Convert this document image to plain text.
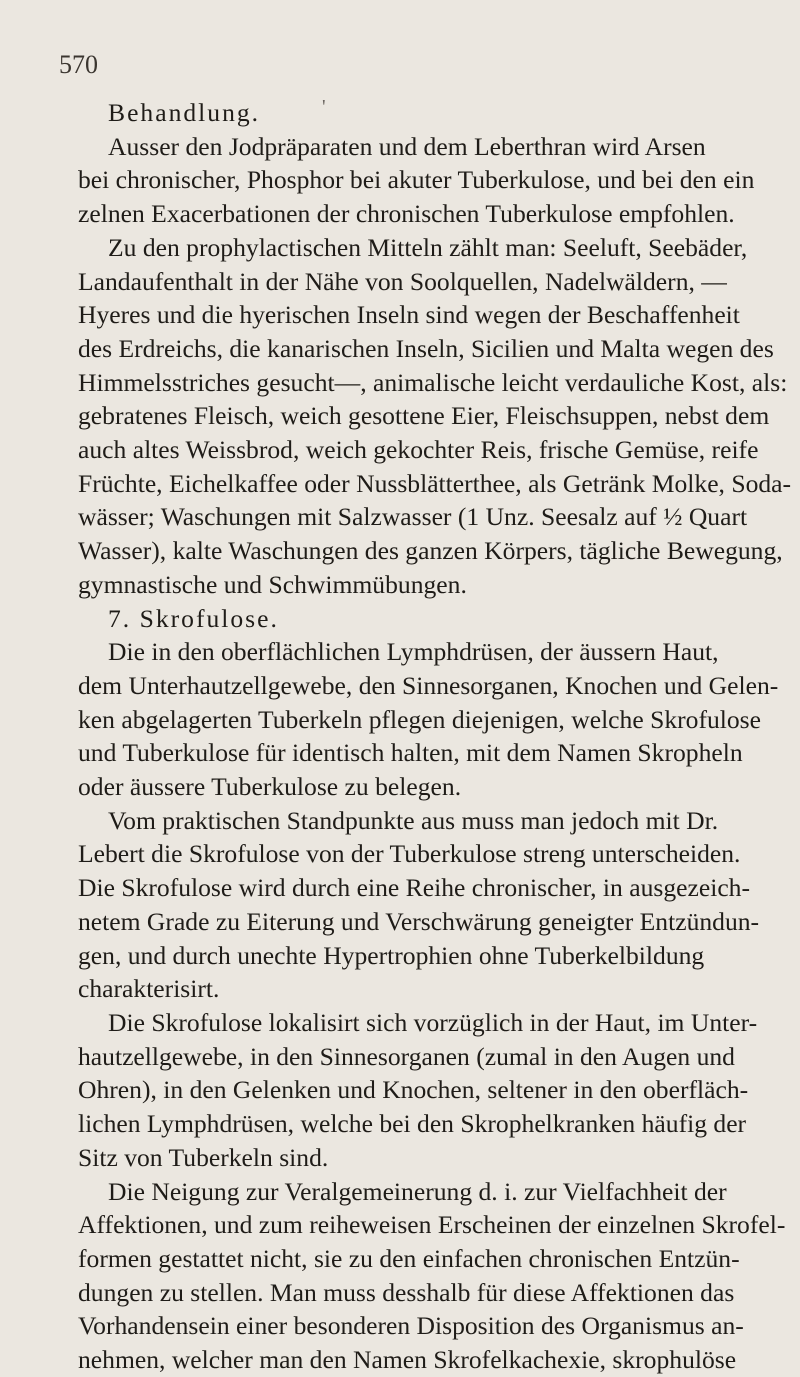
570
'
Behandlung.
Ausser den Jodpräparaten und dem Leberthran wird Arsen
bei chronischer, Phosphor bei akuter Tuberkulose, und bei den ein
zelnen Exacerbationen der chronischen Tuberkulose empfohlen.
Zu den prophylactischen Mitteln zählt man: Seeluft, Seebäder,
Landaufenthalt in der Nähe von Soolquellen, Nadelwäldern, —
Hyeres und die hyerischen Inseln sind wegen der Beschaffenheit
des Erdreichs, die kanarischen Inseln, Sicilien und Malta wegen des
Himmelsstriches gesucht—, animalische leicht verdauliche Kost, als:
gebratenes Fleisch, weich gesottene Eier, Fleischsuppen, nebst dem
auch altes Weissbrod, weich gekochter Reis, frische Gemüse, reife
Früchte, Eichelkaffee oder Nussblätterthee, als Getränk Molke, Soda-
wässer; Waschungen mit Salzwasser (1 Unz. Seesalz auf ½ Quart
Wasser), kalte Waschungen des ganzen Körpers, tägliche Bewegung,
gymnastische und Schwimmübungen.
7. Skrofulose.
Die in den oberflächlichen Lymphdrüsen, der äussern Haut,
dem Unterhautzellgewebe, den Sinnesorganen, Knochen und Gelen-
ken abgelagerten Tuberkeln pflegen diejenigen, welche Skrofulose
und Tuberkulose für identisch halten, mit dem Namen Skropheln
oder äussere Tuberkulose zu belegen.
Vom praktischen Standpunkte aus muss man jedoch mit Dr.
Lebert die Skrofulose von der Tuberkulose streng unterscheiden.
Die Skrofulose wird durch eine Reihe chronischer, in ausgezeich-
netem Grade zu Eiterung und Verschwärung geneigter Entzündun-
gen, und durch unechte Hypertrophien ohne Tuberkelbildung
charakterisirt.
Die Skrofulose lokalisirt sich vorzüglich in der Haut, im Unter-
hautzellgewebe, in den Sinnesorganen (zumal in den Augen und
Ohren), in den Gelenken und Knochen, seltener in den oberfläch-
lichen Lymphdrüsen, welche bei den Skrophelkranken häufig der
Sitz von Tuberkeln sind.
Die Neigung zur Veralgemeinerung d. i. zur Vielfachheit der
Affektionen, und zum reiheweisen Erscheinen der einzelnen Skrofel-
formen gestattet nicht, sie zu den einfachen chronischen Entzün-
dungen zu stellen. Man muss desshalb für diese Affektionen das
Vorhandensein einer besonderen Disposition des Organismus an-
nehmen, welcher man den Namen Skrofelkachexie, skrophulöse
